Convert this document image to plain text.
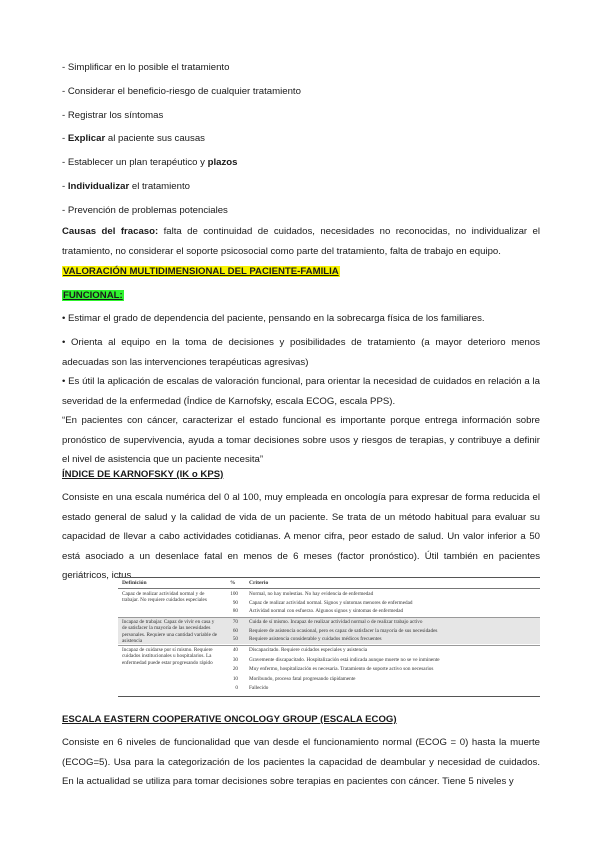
- Simplificar en lo posible el tratamiento
- Considerar el beneficio-riesgo de cualquier tratamiento
- Registrar los síntomas
- Explicar al paciente sus causas
- Establecer un plan terapéutico y plazos
- Individualizar el tratamiento
- Prevención de problemas potenciales
Causas del fracaso: falta de continuidad de cuidados, necesidades no reconocidas, no individualizar el tratamiento, no considerar el soporte psicosocial como parte del tratamiento, falta de trabajo en equipo.
VALORACIÓN MULTIDIMENSIONAL DEL PACIENTE-FAMILIA
FUNCIONAL:
• Estimar el grado de dependencia del paciente, pensando en la sobrecarga física de los familiares.
• Orienta al equipo en la toma de decisiones y posibilidades de tratamiento (a mayor deterioro menos adecuadas son las intervenciones terapéuticas agresivas)
• Es útil la aplicación de escalas de valoración funcional, para orientar la necesidad de cuidados en relación a la severidad de la enfermedad (Índice de Karnofsky, escala ECOG, escala PPS).
“En pacientes con cáncer, caracterizar el estado funcional es importante porque entrega información sobre pronóstico de supervivencia, ayuda a tomar decisiones sobre usos y riesgos de terapias, y contribuye a definir el nivel de asistencia que un paciente necesita”
ÍNDICE DE KARNOFSKY (IK o KPS)
Consiste en una escala numérica del 0 al 100, muy empleada en oncología para expresar de forma reducida el estado general de salud y la calidad de vida de un paciente. Se trata de un método habitual para evaluar su capacidad de llevar a cabo actividades cotidianas. A menor cifra, peor estado de salud. Un valor inferior a 50 está asociado a un desenlace fatal en menos de 6 meses (factor pronóstico). Útil también en pacientes geriátricos, ictus.
Definición	% Criterio
Capaz de realizar actividad normal y de trabajar. No requiere cuidados especiales
100 Normal, no hay molestias. No hay evidencia de enfermedad
90 Capaz de realizar actividad normal. Signos y síntomas menores de enfermedad
80 Actividad normal con esfuerzo. Algunos signos y síntomas de enfermedad
Incapaz de trabajar. Capaz de vivir en casa y de satisfacer la mayoría de las necesidades personales. Requiere una cantidad variable de asistencia
70 Cuida de sí mismo. Incapaz de realizar actividad normal o de realizar trabajo activo
60 Requiere de asistencia ocasional, pero es capaz de satisfacer la mayoría de sus necesidades
50 Requiere asistencia considerable y cuidados médicos frecuentes
Incapaz de cuidarse por sí mismo. Requiere cuidados institucionales u hospitalarios. La enfermedad puede estar progresando rápido
40 Discapacitado. Requiere cuidados especiales y asistencia
30 Gravemente discapacitado. Hospitalización está indicada aunque muerte no se ve inminente
20 Muy enfermo, hospitalización es necesaria. Tratamiento de soporte activo son necesarios
10 Moribundo, proceso fatal progresando rápidamente
0 Fallecido
ESCALA EASTERN COOPERATIVE ONCOLOGY GROUP (ESCALA ECOG)
Consiste en 6 niveles de funcionalidad que van desde el funcionamiento normal (ECOG = 0) hasta la muerte (ECOG=5). Usa para la categorización de los pacientes la capacidad de deambular y necesidad de cuidados. En la actualidad se utiliza para tomar decisiones sobre terapias en pacientes con cáncer. Tiene 5 niveles y
